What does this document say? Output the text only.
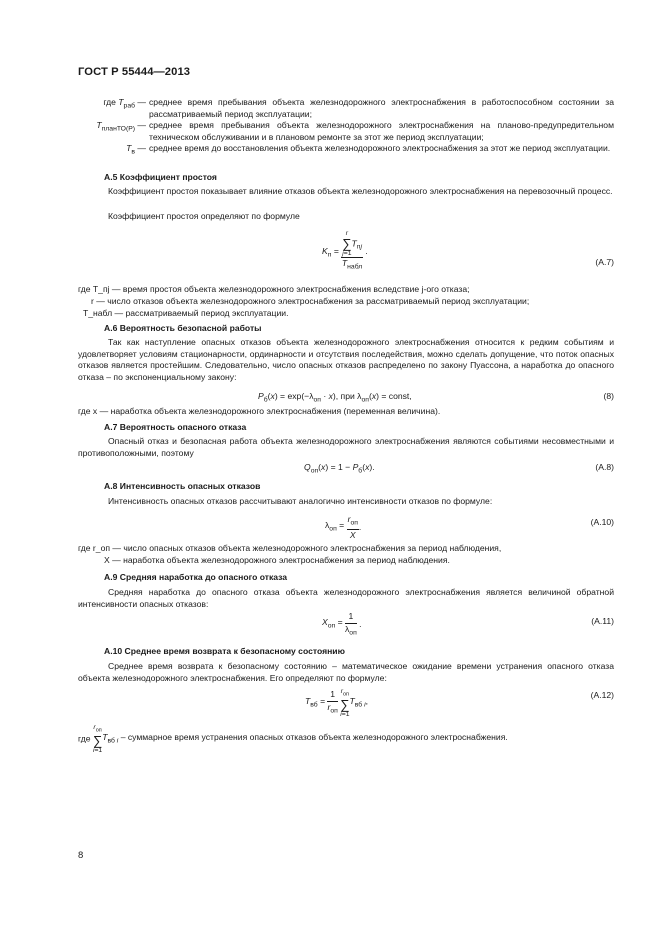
ГОСТ Р 55444—2013
где $T_{раб}$ — среднее время пребывания объекта железнодорожного электроснабжения в работоспособном состоянии за рассматриваемый период эксплуатации;
$T_{планТО(Р)}$ — среднее время пребывания объекта железнодорожного электроснабжения на планово-предупредительном техническом обслуживании и в плановом ремонте за этот же период эксплуатации;
$T_в$ — среднее время до восстановления объекта железнодорожного электроснабжения за этот же период эксплуатации.
А.5 Коэффициент простоя
Коэффициент простоя показывает влияние отказов объекта железнодорожного электроснабжения на перевозочный процесс.
Коэффициент простоя определяют по формуле
$K_п = r$
∑
j=1
$T_{пj}$
$T_{набл}$ .
(А.7)
где T_пj — время простоя объекта железнодорожного электроснабжения вследствие j-ого отказа;
r — число отказов объекта железнодорожного электроснабжения за рассматриваемый период эксплуатации;
T_набл — рассматриваемый период эксплуатации.
А.6 Вероятность безопасной работы
Так как наступление опасных отказов объекта железнодорожного электроснабжения относится к редким событиям и удовлетворяет условиям стационарности, ординарности и отсутствия последействия, можно сделать допущение, что поток опасных отказов является простейшим. Следовательно, число опасных отказов распределено по закону Пуассона, а наработка до опасного отказа – по экспоненциальному закону:
$P_б(x) = \exp(-\lambda_{оп} \cdot x)$, при $\lambda_{оп}(x)$ = const,	(8)
где x — наработка объекта железнодорожного электроснабжения (переменная величина).
А.7 Вероятность опасного отказа
Опасный отказ и безопасная работа объекта железнодорожного электроснабжения являются событиями несовместными и противоположными, поэтому
$Q_{оп}(x) = 1 - P_б(x)$.	(А.8)
А.8 Интенсивность опасных отказов
Интенсивность опасных отказов рассчитывают аналогично интенсивности отказов по формуле:
$\lambda_{оп} = \frac{r_{оп}}{X}$ .
(А.10)
где r_оп — число опасных отказов объекта железнодорожного электроснабжения за период наблюдения,
X — наработка объекта железнодорожного электроснабжения за период наблюдения.
А.9 Средняя наработка до опасного отказа
Средняя наработка до опасного отказа объекта железнодорожного электроснабжения является величиной обратной интенсивности опасных отказов:
$X_{оп} = \frac{1}{\lambda_{оп}}$ .	(А.11)
А.10 Среднее время возврата к безопасному состоянию
Среднее время возврата к безопасному состоянию – математическое ожидание времени устранения опасного отказа объекта железнодорожного электроснабжения. Его определяют по формуле:
$T_{вб} = \frac{1}{r_{оп}}$
$r_{оп}$
∑
i=1
$T_{вб i}$,
(А.12)
где
$r_{оп}$
∑
i=1
$T_{вб i}$ – суммарное время устранения опасных отказов объекта железнодорожного электроснабжения.
8
